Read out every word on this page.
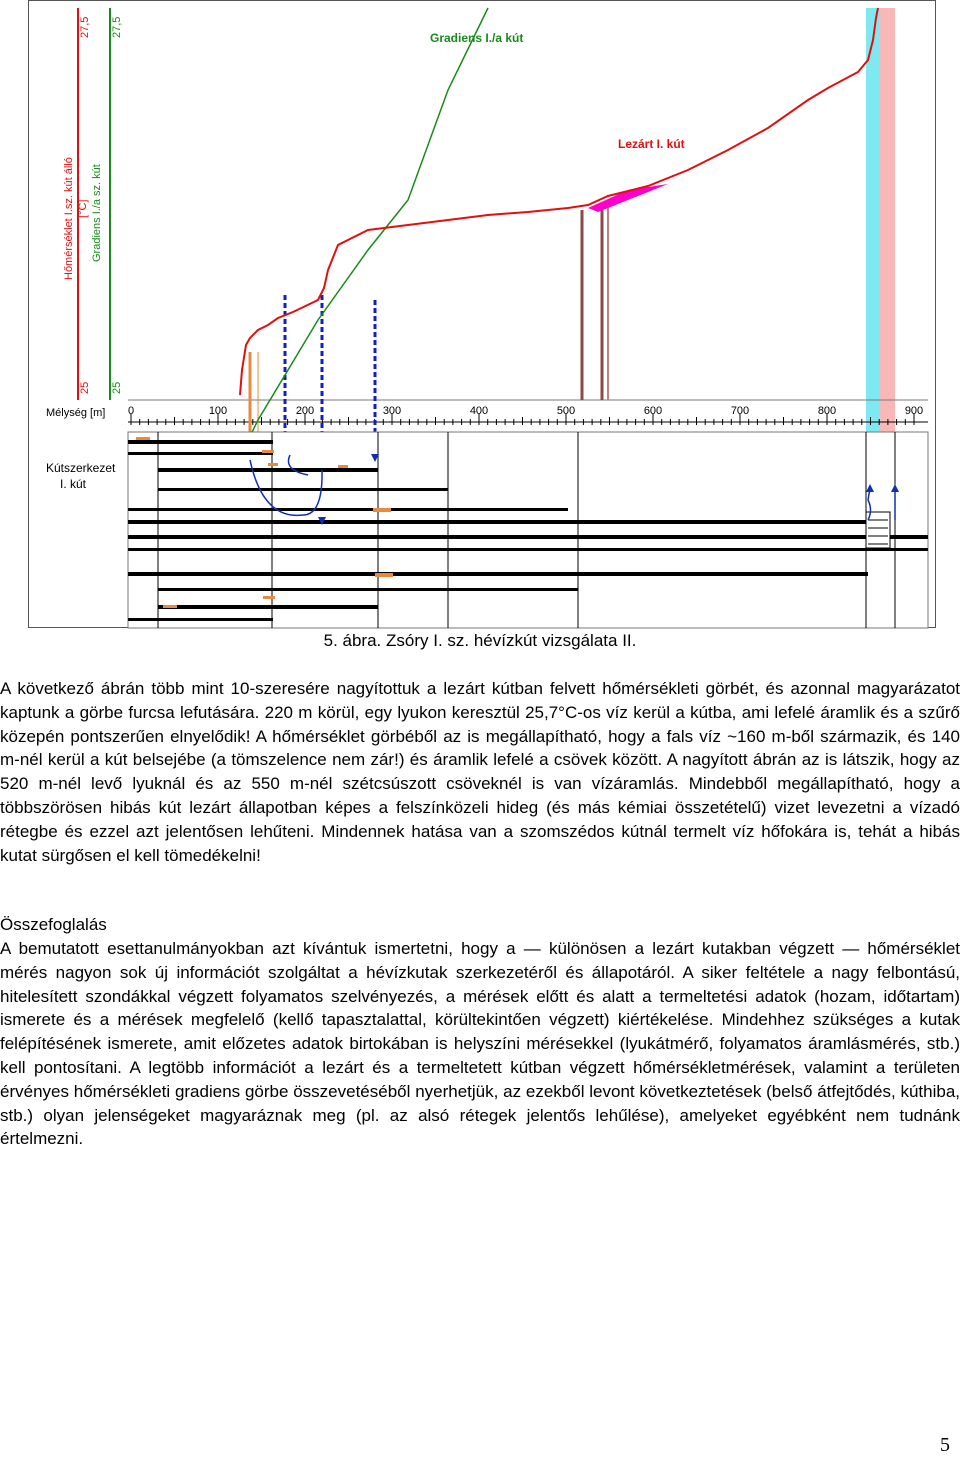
27,5 27,5
Hőmérséklet I.sz. kút álló [°C] Gradiens I./a sz. kút
25 25
Mélység [m] 0	100	200	300	400	500	600	700	800	900
Gradiens I./a kút
Lezárt I. kút
Kútszerkezet
I. kút
5. ábra. Zsóry I. sz. hévízkút vizsgálata II.

A következő ábrán több mint 10-szeresére nagyítottuk a lezárt kútban felvett hőmérsékleti görbét, és azonnal magyarázatot kaptunk a görbe furcsa lefutására. 220 m körül, egy lyukon keresztül 25,7°C-os víz kerül a kútba, ami lefelé áramlik és a szűrő közepén pontszerűen elnyelődik! A hőmérséklet görbéből az is megállapítható, hogy a fals víz ~160 m-ből származik, és 140 m-nél kerül a kút belsejébe (a tömszelence nem zár!) és áramlik lefelé a csövek között. A nagyított ábrán az is látszik, hogy az 520 m-nél levő lyuknál és az 550 m-nél szétcsúszott csöveknél is van vízáramlás. Mindebből megállapítható, hogy a többszörösen hibás kút lezárt állapotban képes a felszínközeli hideg (és más kémiai összetételű) vizet levezetni a vízadó rétegbe és ezzel azt jelentősen lehűteni. Mindennek hatása van a szomszédos kútnál termelt víz hőfokára is, tehát a hibás kutat sürgősen el kell tömedékelni!

Összefoglalás

A bemutatott esettanulmányokban azt kívántuk ismertetni, hogy a — különösen a lezárt kutakban végzett — hőmérséklet mérés nagyon sok új információt szolgáltat a hévízkutak szerkezetéről és állapotáról. A siker feltétele a nagy felbontású, hitelesített szondákkal végzett folyamatos szelvényezés, a mérések előtt és alatt a termeltetési adatok (hozam, időtartam) ismerete és a mérések megfelelő (kellő tapasztalattal, körültekintően végzett) kiértékelése. Mindehhez szükséges a kutak felépítésének ismerete, amit előzetes adatok birtokában is helyszíni mérésekkel (lyukátmérő, folyamatos áramlásmérés, stb.) kell pontosítani. A legtöbb információt a lezárt és a termeltetett kútban végzett hőmérsékletmérések, valamint a területen érvényes hőmérsékleti gradiens görbe összevetéséből nyerhetjük, az ezekből levont következtetések (belső átfejtődés, kúthiba, stb.) olyan jelenségeket magyaráznak meg (pl. az alsó rétegek jelentős lehűlése), amelyeket egyébként nem tudnánk értelmezni.

5
